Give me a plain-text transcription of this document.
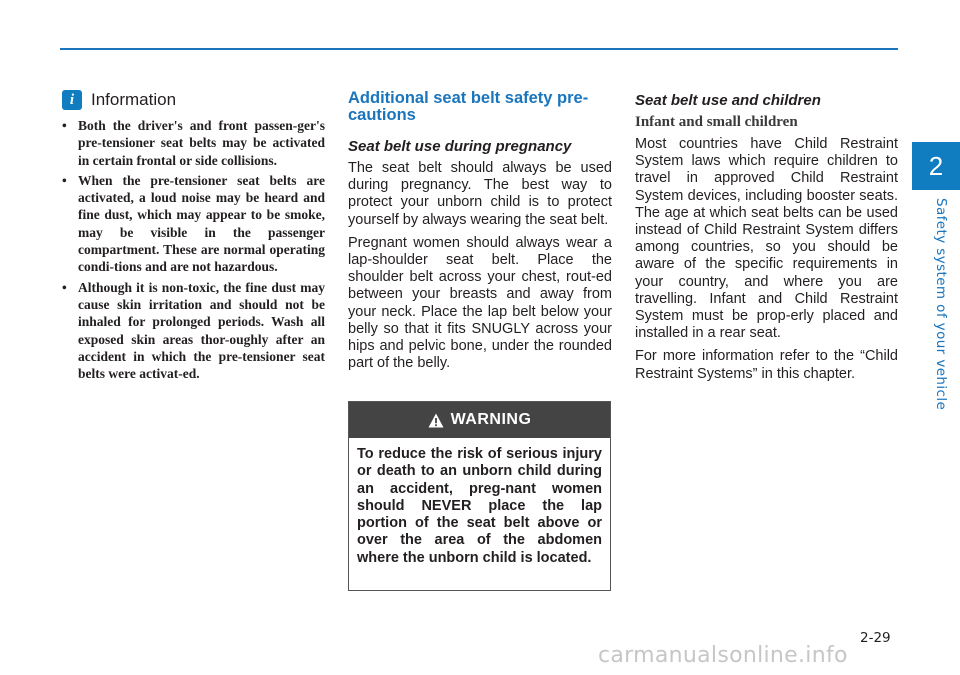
2
Safety system of your vehicle
i Information
• Both the driver's and front passen-ger's pre-tensioner seat belts may be activated in certain frontal or side collisions.
• When the pre-tensioner seat belts are activated, a loud noise may be heard and fine dust, which may appear to be smoke, may be visible in the passenger compartment. These are normal operating condi-tions and are not hazardous.
• Although it is non-toxic, the fine dust may cause skin irritation and should not be inhaled for prolonged periods. Wash all exposed skin areas thor-oughly after an accident in which the pre-tensioner seat belts were activat-ed.
Additional seat belt safety pre-cautions
Seat belt use during pregnancy

The seat belt should always be used during pregnancy. The best way to protect your unborn child is to protect yourself by always wearing the seat belt.

Pregnant women should always wear a lap-shoulder seat belt. Place the shoulder belt across your chest, rout-ed between your breasts and away from your neck. Place the lap belt below your belly so that it fits SNUGLY across your hips and pelvic bone, under the rounded part of the belly.

WARNING
To reduce the risk of serious injury or death to an unborn child during an accident, preg-nant women should NEVER place the lap portion of the seat belt above or over the area of the abdomen where the unborn child is located.
Seat belt use and children
Infant and small children

Most countries have Child Restraint System laws which require children to travel in approved Child Restraint System devices, including booster seats. The age at which seat belts can be used instead of Child Restraint System differs among countries, so you should be aware of the specific requirements in your country, and where you are travelling. Infant and Child Restraint System must be prop-erly placed and installed in a rear seat.

For more information refer to the “Child Restraint Systems” in this chapter.

2-29
carmanualsonline.info
